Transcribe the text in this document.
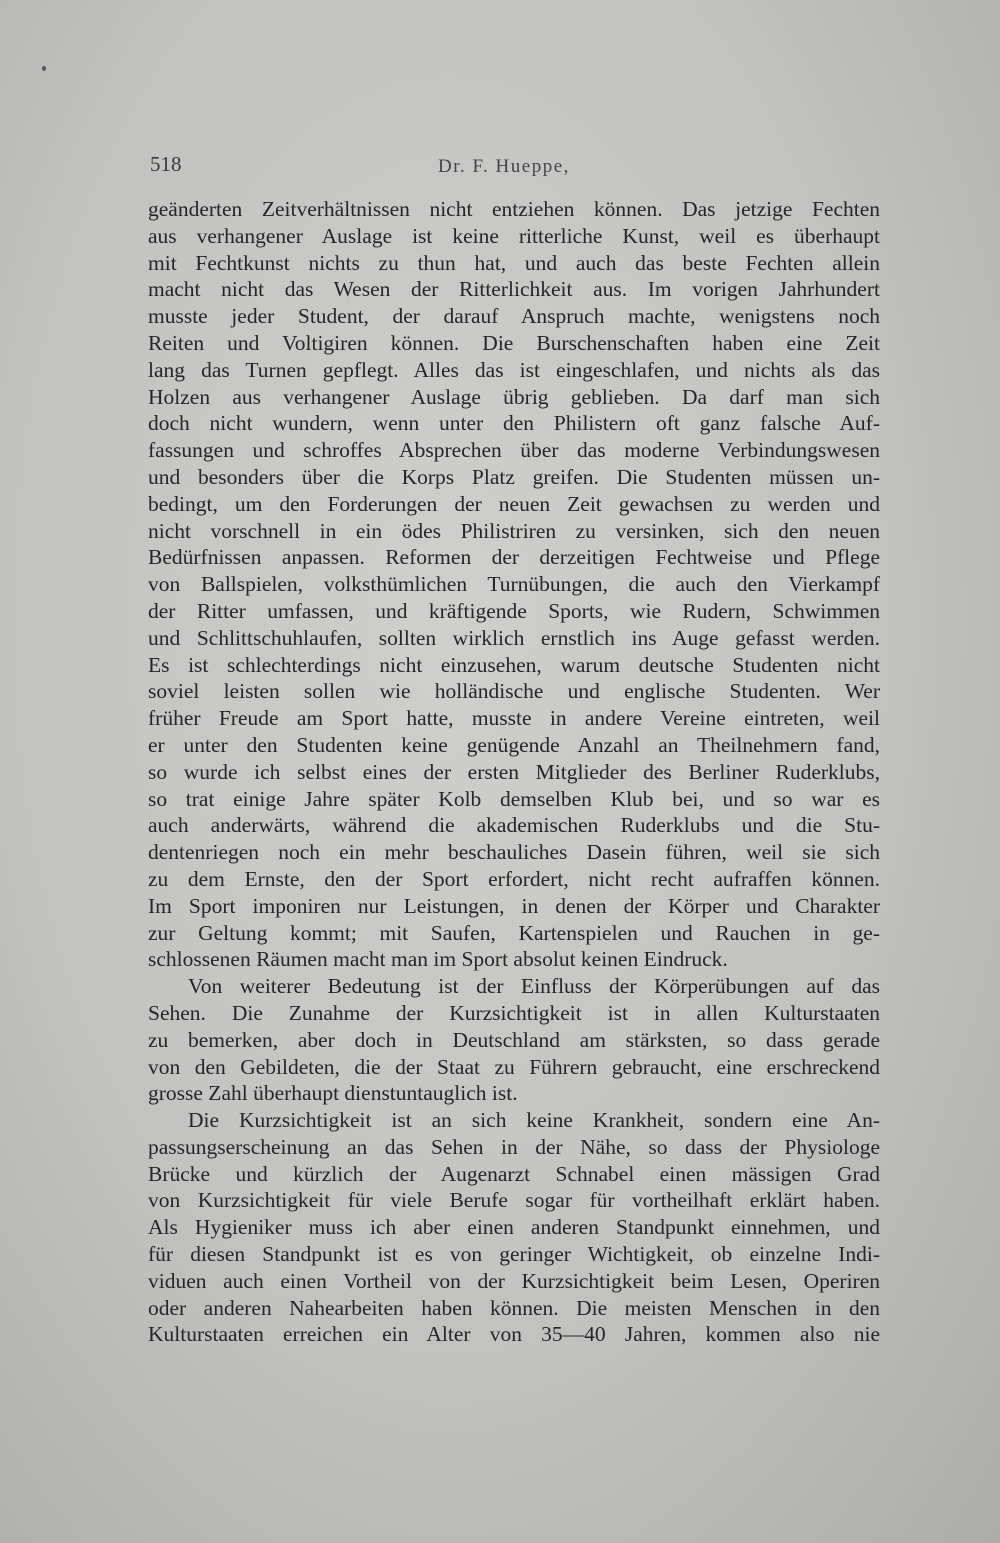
518	Dr. F. Hueppe,
geänderten Zeitverhältnissen nicht entziehen können. Das jetzige Fechten
aus verhangener Auslage ist keine ritterliche Kunst, weil es überhaupt
mit Fechtkunst nichts zu thun hat, und auch das beste Fechten allein
macht nicht das Wesen der Ritterlichkeit aus. Im vorigen Jahrhundert
musste jeder Student, der darauf Anspruch machte, wenigstens noch
Reiten und Voltigiren können. Die Burschenschaften haben eine Zeit
lang das Turnen gepflegt. Alles das ist eingeschlafen, und nichts als das
Holzen aus verhangener Auslage übrig geblieben. Da darf man sich
doch nicht wundern, wenn unter den Philistern oft ganz falsche Auf-
fassungen und schroffes Absprechen über das moderne Verbindungswesen
und besonders über die Korps Platz greifen. Die Studenten müssen un-
bedingt, um den Forderungen der neuen Zeit gewachsen zu werden und
nicht vorschnell in ein ödes Philistriren zu versinken, sich den neuen
Bedürfnissen anpassen. Reformen der derzeitigen Fechtweise und Pflege
von Ballspielen, volksthümlichen Turnübungen, die auch den Vierkampf
der Ritter umfassen, und kräftigende Sports, wie Rudern, Schwimmen
und Schlittschuhlaufen, sollten wirklich ernstlich ins Auge gefasst werden.
Es ist schlechterdings nicht einzusehen, warum deutsche Studenten nicht
soviel leisten sollen wie holländische und englische Studenten. Wer
früher Freude am Sport hatte, musste in andere Vereine eintreten, weil
er unter den Studenten keine genügende Anzahl an Theilnehmern fand,
so wurde ich selbst eines der ersten Mitglieder des Berliner Ruderklubs,
so trat einige Jahre später Kolb demselben Klub bei, und so war es
auch anderwärts, während die akademischen Ruderklubs und die Stu-
dentenriegen noch ein mehr beschauliches Dasein führen, weil sie sich
zu dem Ernste, den der Sport erfordert, nicht recht aufraffen können.
Im Sport imponiren nur Leistungen, in denen der Körper und Charakter
zur Geltung kommt; mit Saufen, Kartenspielen und Rauchen in ge-
schlossenen Räumen macht man im Sport absolut keinen Eindruck.
Von weiterer Bedeutung ist der Einfluss der Körperübungen auf das
Sehen. Die Zunahme der Kurzsichtigkeit ist in allen Kulturstaaten
zu bemerken, aber doch in Deutschland am stärksten, so dass gerade
von den Gebildeten, die der Staat zu Führern gebraucht, eine erschreckend
grosse Zahl überhaupt dienstuntauglich ist.
Die Kurzsichtigkeit ist an sich keine Krankheit, sondern eine An-
passungserscheinung an das Sehen in der Nähe, so dass der Physiologe
Brücke und kürzlich der Augenarzt Schnabel einen mässigen Grad
von Kurzsichtigkeit für viele Berufe sogar für vortheilhaft erklärt haben.
Als Hygieniker muss ich aber einen anderen Standpunkt einnehmen, und
für diesen Standpunkt ist es von geringer Wichtigkeit, ob einzelne Indi-
viduen auch einen Vortheil von der Kurzsichtigkeit beim Lesen, Operiren
oder anderen Nahearbeiten haben können. Die meisten Menschen in den
Kulturstaaten erreichen ein Alter von 35—40 Jahren, kommen also nie
